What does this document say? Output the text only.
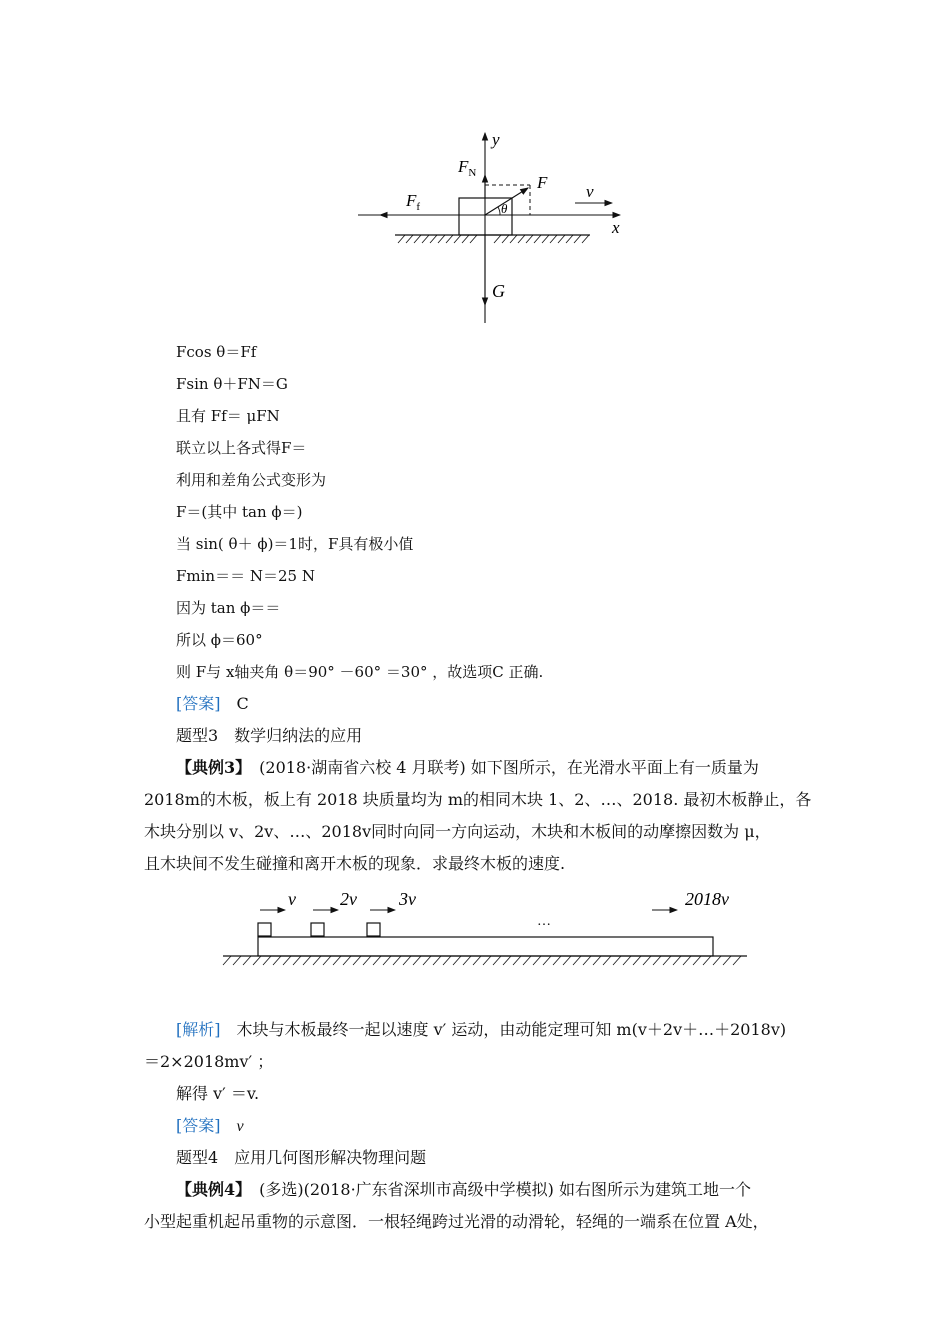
y
$F_N$	F v
$F_f$
x
θ
G
Fcos θ＝Ff
Fsin θ＋FN＝G
且有 Ff＝ μFN
联立以上各式得F＝
利用和差角公式变形为
F＝(其中 tan ϕ＝)
当 sin( θ＋ ϕ)＝1时，F具有极小值
Fmin＝＝ N＝25 N
因为 tan ϕ＝＝
所以 ϕ＝60°
则 F与 x轴夹角 θ＝90° －60° ＝30° ，故选项C 正确.
[答案]　 C
题型3　数学归纳法的应用
【典例3】　(2018·湖南省六校 4 月联考) 如下图所示，在光滑水平面上有一质量为
2018m的木板，板上有 2018 块质量均为 m的相同木块 1、2、…、2018. 最初木板静止，各
木块分别以 v、2v、…、2018v同时向同一方向运动，木块和木板间的动摩擦因数为 μ，
且木块间不发生碰撞和离开木板的现象．求最终木板的速度.
v 2v 3v
…
2018v
[解析]　木块与木板最终一起以速度 v′ 运动，由动能定理可知 m(v＋2v＋…＋2018v)
＝2×2018mv′ ；
解得 v′ ＝v.
[答案]　 v
题型4　应用几何图形解决物理问题
【典例4】　(多选)(2018·广东省深圳市高级中学模拟) 如右图所示为建筑工地一个
小型起重机起吊重物的示意图．一根轻绳跨过光滑的动滑轮，轻绳的一端系在位置 A处，
